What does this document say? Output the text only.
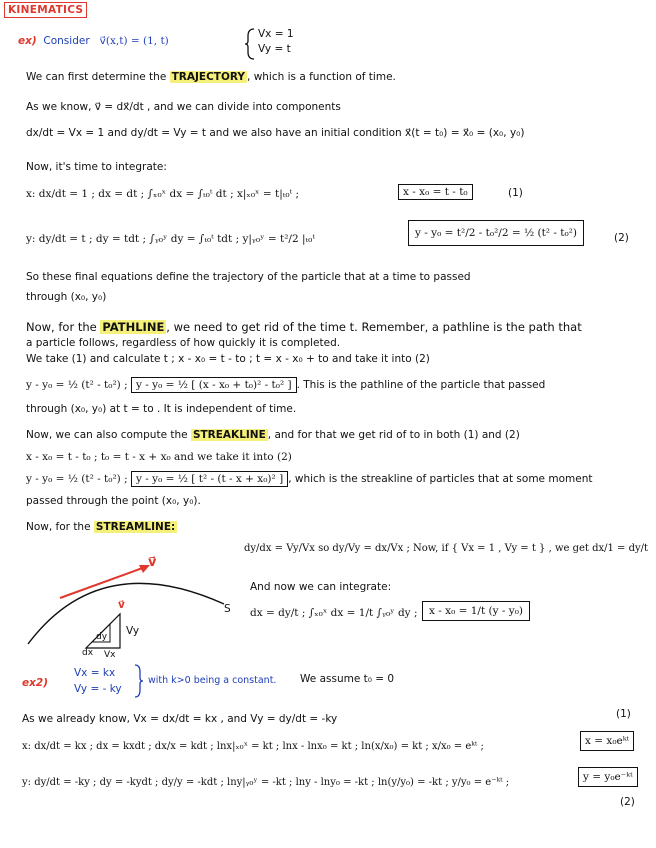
KINEMATICS
ex) Consider v⃗(x,t) = (1, t)
Vx = 1
Vy = t
We can first determine the TRAJECTORY , which is a function of time.
As we know, v⃗ = dx⃗/dt , and we can divide into components
dx/dt = Vx = 1 and dy/dt = Vy = t and we also have an initial condition x⃗(t = t₀) = x⃗₀ = (x₀, y₀)
Now, it's time to integrate:
x: dx/dt = 1 ; dx = dt ; ∫ₓ₀ˣ dx = ∫ₜ₀ᵗ dt ; x|ₓ₀ˣ = t|ₜ₀ᵗ ;	x - x₀ = t - t₀	(1)
y: dy/dt = t ; dy = tdt ; ∫ᵧ₀ʸ dy = ∫ₜ₀ᵗ tdt ; y|ᵧ₀ʸ = t²/2 |ₜ₀ᵗ	y - y₀ = t²/2 - t₀²/2 = ½ (t² - t₀²)	(2)
So these final equations define the trajectory of the particle that at a time to passed
through (x₀, y₀)
Now, for the PATHLINE , we need to get rid of the time t. Remember, a pathline is the path that
a particle follows, regardless of how quickly it is completed.
We take (1) and calculate t ; x - x₀ = t - to ; t = x - x₀ + to and take it into (2)
y - y₀ = ½ (t² - t₀²) ; y - y₀ = ½ [ (x - x₀ + t₀)² - t₀² ] . This is the pathline of the particle that passed
through (x₀, y₀) at t = to . It is independent of time.
Now, we can also compute the STREAKLINE , and for that we get rid of to in both (1) and (2)
x - x₀ = t - t₀ ; t₀ = t - x + x₀ and we take it into (2)
y - y₀ = ½ (t² - t₀²) ; y - y₀ = ½ [ t² - (t - x + x₀)² ] , which is the streakline of particles that at some moment
passed through the point (x₀, y₀).
Now, for the STREAMLINE:
dy/dx = Vy/Vx so dy/Vy = dx/Vx ; Now, if { Vx = 1 , Vy = t } , we get dx/1 = dy/t
And now we can integrate:
dx = dy/t ; ∫ₓ₀ˣ dx = 1/t ∫ᵧ₀ʸ dy ;	x - x₀ = 1/t (y - y₀)
v⃗
v⃗
Vy
dy
dx Vx
S
ex2)
Vx = kx
Vy = - ky
with k>0 being a constant. We assume t₀ = 0
As we already know, Vx = dx/dt = kx , and Vy = dy/dt = -ky	(1)
x: dx/dt = kx ; dx = kxdt ; dx/x = kdt ; lnx|ₓ₀ˣ = kt ; lnx - lnx₀ = kt ; ln(x/x₀) = kt ; x/x₀ = eᵏᵗ ;	x = x₀eᵏᵗ
y: dy/dt = -ky ; dy = -kydt ; dy/y = -kdt ; lny|ᵧ₀ʸ = -kt ; lny - lny₀ = -kt ; ln(y/y₀) = -kt ; y/y₀ = e⁻ᵏᵗ ;	y = y₀e⁻ᵏᵗ
(2)
